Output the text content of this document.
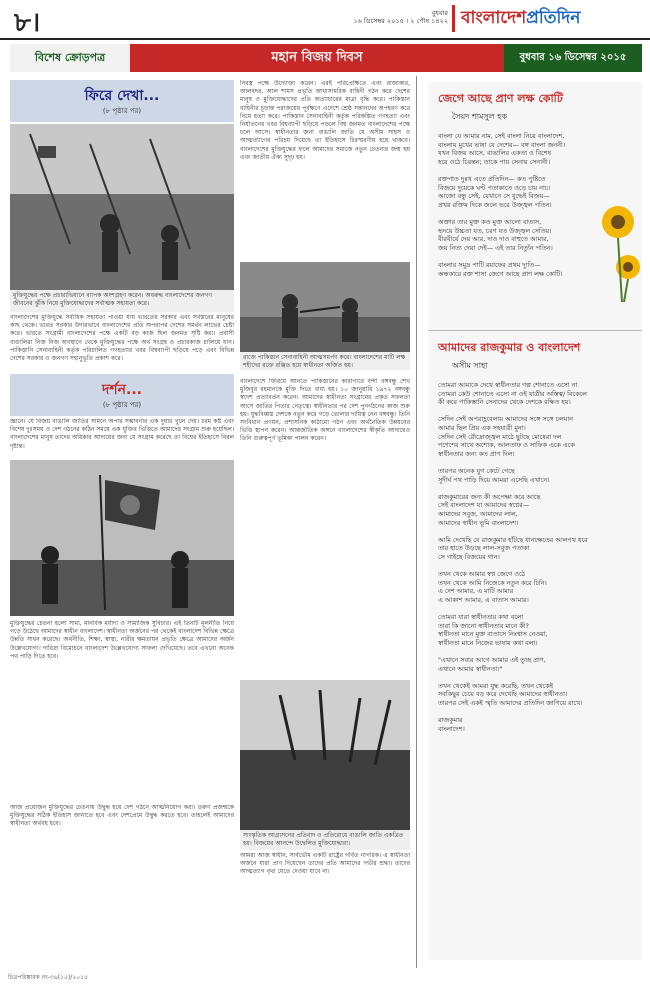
৮।	বুধবার
১৬ ডিসেম্বর ২০১৫ । ২ পৌষ ১৪২২ বাংলাদেশপ্রতিদিন
বিশেষ ক্রোড়পত্র	মহান বিজয় দিবস	বুধবার ১৬ ডিসেম্বর ২০১৫
ফিরে দেখা...
(৮ পৃষ্ঠার পর)
মুক্তিযুদ্ধের পক্ষে প্রচারাভিযানে ব্যাপক অংশগ্রহণ করেন। অবরুদ্ধ বাংলাদেশের জনগণ জীবনের ঝুঁকি নিয়ে মুক্তিযোদ্ধাদের সর্বাত্মক সহায়তা করে।
বাংলাদেশের মুক্তিযুদ্ধে সর্বাধিক সহায়তা পাওয়া যায় ভারতের সরকার এবং সর্বস্তরের মানুষের কাছ থেকে। ভারত সরকার উদারভাবে বাংলাদেশের প্রতি অপরাপর দেশের সমর্থন লাভের চেষ্টা করে। ভারতে সংগ্রামী বাংলাদেশের পক্ষে একটি বড় কাজ ছিল জনমত সৃষ্টি করা। প্রবাসী বাঙালিরা নিজ নিজ অবস্থানে থেকে মুক্তিযুদ্ধের পক্ষে অর্থ সংগ্রহ ও প্রচারকাজ চালিয়ে যান। পাকিস্তানি সেনাবাহিনী কর্তৃক পরিচালিত গণহত্যার খবর বিশ্বব্যাপী ছড়িয়ে পড়ে এবং বিভিন্ন দেশের সরকার ও জনগণ সহানুভূতি প্রকাশ করে।
নিরস্ত্র পক্ষে উদ্যোক্তা করেন। এরই পরিপ্রেক্ষিতে এবং রাজাকার, আলবদর, আল শামস প্রভৃতি আধাসামরিক বাহিনী গঠন করে দেশের মানুষ ও মুক্তিযোদ্ধাদের প্রতি অত্যাচারের মাত্রা বৃদ্ধি করে। পাকিস্তান বাহিনীর চূড়ান্ত পরাজয়ের পূর্বক্ষণে এদেশে শ্রেষ্ঠ সন্তানদের অপহরণ করে নিয়ে হত্যা করে। পাকিস্তান সেনাবাহিনী কর্তৃক পরিকল্পিত গণহত্যা এবং নির্যাতনের খবর বিশ্বব্যাপী ছড়িয়ে পড়লে বিশ্ব জনমত বাংলাদেশের পক্ষে চলে আসে। স্বাধীনতার জন্য বাঙালি জাতি যে অসীম সাহস ও আত্মত্যাগের পরিচয় দিয়েছে তা ইতিহাসে চিরস্মরণীয় হয়ে থাকবে। বাংলাদেশের মুক্তিযুদ্ধের ফলে আমাদের সমাজে নতুন চেতনার জন্ম হয় এবং জাতীয় ঐক্য সুদৃঢ় হয়।
রাজে পাকিস্তান সেনাবাহিনী আত্মসমর্পণ করে। বাংলাদেশের মাটি লক্ষ শহীদের রক্তে রঞ্জিত হয়ে স্বাধীনতা অর্জিত হয়।
দর্শন...
(৮ পৃষ্ঠার পর)
জ্ঞানে। যে বিজয় বাঙালি জাতির সামনে অপার সম্ভাবনার এক দুয়ার খুলে দেয়। চরম কষ্ট এবং বিশেষ দুঃসময় ও দেশ গঠনের কঠিন সময়ে এক যুক্তির ভিত্তিতে আমাদের সংগ্রাম শুরু হয়েছিল। বাংলাদেশের মানুষ তাদের অধিকার আদায়ের জন্য যে সংগ্রাম করেছে তা বিশ্বের ইতিহাসে বিরল দৃষ্টান্ত।
মুক্তিযুদ্ধের চেতনা হলো সাম্য, মানবিক মর্যাদা ও সামাজিক সুবিচার। এই তিনটি মূলনীতি নিয়ে গড়ে উঠেছে আমাদের স্বাধীন বাংলাদেশ। স্বাধীনতা অর্জনের পর থেকেই বাংলাদেশ বিভিন্ন ক্ষেত্রে উন্নতি সাধন করেছে। অর্থনীতি, শিক্ষা, স্বাস্থ্য, নারীর ক্ষমতায়ন প্রভৃতি ক্ষেত্রে আমাদের অর্জন উল্লেখযোগ্য। দারিদ্র্য বিমোচনে বাংলাদেশ উল্লেখযোগ্য সাফল্য দেখিয়েছে। তবে এখনো অনেক পথ পাড়ি দিতে হবে।
আজ প্রয়োজন মুক্তিযুদ্ধের চেতনায় উদ্বুদ্ধ হয়ে দেশ গঠনে আত্মনিয়োগ করা। তরুণ প্রজন্মকে মুক্তিযুদ্ধের সঠিক ইতিহাস জানাতে হবে এবং দেশপ্রেমে উদ্বুদ্ধ করতে হবে। তাহলেই আমাদের স্বাধীনতা অর্থবহ হবে।
বাংলাদেশে ফিরিয়ে আনতে পাকিস্তানের কারাগারে বন্দী বঙ্গবন্ধু শেখ মুজিবুর রহমানকে মুক্তি দিতে বাধ্য হয়। ১০ জানুয়ারি ১৯৭২ বঙ্গবন্ধু স্বদেশ প্রত্যাবর্তন করেন। আমাদের স্বাধীনতা সংগ্রামের প্রকৃত সফলতা আসে জাতির পিতার নেতৃত্বে। স্বাধীনতার পর দেশ পুনর্গঠনের কাজ শুরু হয়। যুদ্ধবিধ্বস্ত দেশকে নতুন করে গড়ে তোলার দায়িত্ব নেন বঙ্গবন্ধু। তিনি সংবিধান প্রণয়ন, প্রশাসনিক কাঠামো গঠন এবং অর্থনৈতিক উন্নয়নের ভিত্তি স্থাপন করেন। আন্তর্জাতিক অঙ্গনে বাংলাদেশের স্বীকৃতি আদায়েও তিনি গুরুত্বপূর্ণ ভূমিকা পালন করেন।
সাংস্কৃতিক আগ্রাসনের প্রতিবাদ ও প্রতিরোধে বাঙালি জাতি একত্রিত হয়। বিজয়ের আনন্দে উদ্বেলিত মুক্তিযোদ্ধারা।
আমরা আজ স্বাধীন, সার্বভৌম একটি রাষ্ট্রের গর্বিত নাগরিক। এ স্বাধীনতা অর্জনে যারা প্রাণ দিয়েছেন তাদের প্রতি আমাদের গভীর শ্রদ্ধা। তাদের আত্মত্যাগ বৃথা যেতে দেওয়া যাবে না।
জেগে আছে প্রাণ লক্ষ কোটি
সৈয়দ শামসুল হক
বাংলা যে আমার নাম, সেই বাংলা নিয়ে বাংলাদেশ,
বাংলায় মুখের ভাষা যে দেশের— বঙ্গ বাংলা জননী।
যখন বিজয় আসে, বাঙালির একতা ও বিশেষ
হয়ে ওঠে চিরন্তন; তাকে পায় সেনায় সেনানী।

রক্তপাত দুঃখ এতে প্রতিদিন— কত পুষ্টিতে
বিজয়ে দুয়েকে ঘণ্ট পতাকাতে ওড়ে চায় নাচ।
আজো বন্ধু সেই, যেখানে সে যুদ্ধেই বিজয়—
প্রখর রক্তিম দিকে জলে ভরে উজ্জ্বল পতিন।

অক্তার তার মুক্ত কত মুক্ত আলো বাতাস,
হৃদয়ে উচ্চতা যত, চরণ যত উজ্জ্বল সেতিয়।
বীরবীর্যে দেয় আর, দাও দাও বাহুতে আমার,
জয় নিত্য দেয়া দেই— এই তার নিত্যুঁন পতিন।

বাংলার সমুদ্র পাটি রয়াফের প্রথম দ্যুতি—
অন্ধকারে রক্ত শাসা জেগে আছে প্রাণ লক্ষ কোটি।
আমাদের রাজকুমার ও বাংলাদেশ
অসীম সাহা
তোমরা আমাকে দেখে স্বাধীনতার গল্প শোনাতে এসো না
তোমরা কেউ শোনাতে এসো না ওই যাত্রীর অস্তিত্ব/ বিকেলে
কী করে পাকিস্তানি সেনাদের থেকে দেশকে রক্ষিত হয়।

সেদিন সেই অপরাহ্ণবেলায় আমাদের সঙ্গে সঙ্গে চলমান
আমার ছিল প্রিয় এক সহযাত্রী মুনা।
সেদিন সেই রৌদ্রোজ্জ্বল মাঠে ছুটছে মোষেরা দল
গণেশের সাথে অশোক, আলতাফ ও সাফিক একে একে
স্বাধীনতার জন্য কত প্রাণ দিল।

তারপর অনেক যুগ কেটে গেছে
সুদীর্ঘ পথ পাড়ি দিয়ে আমরা এসেছি এখানে।

রাজকুমারের জন্য কী অপেক্ষা করে আছে
সেই বাংলাদেশ যা আমাদের স্বপ্নের—
আমাদের সবুজ, আমাদের লাল,
আমাদের স্বাধীন ভূমি বাংলাদেশ।

আমি দেখেছি যে রাজকুমার হাঁটছে ধানক্ষেতের আলপথ ধরে
তার হাতে উড়ছে লাল-সবুজ পতাকা
সে গাইছে বিজয়ের গান।

তখন থেকে আমার স্বপ্ন জেগে ওঠে
তখন থেকে আমি নিজেকে নতুন করে চিনি।
এ দেশ আমার, এ মাটি আমার
এ আকাশ আমার, এ বাতাস আমার।

তোমরা যারা স্বাধীনতার কথা বলো
তারা কি জানো স্বাধীনতার মানে কী?
স্বাধীনতা মানে মুক্ত বাতাসে নিঃশ্বাস নেওয়া,
স্বাধীনতা মানে নিজের ভাষায় কথা বলা।

"এখানে সবার আগে আমার এই তুচ্ছ প্রাণ,
এখানে আমার স্বাধীনতা।"

তখন থেকেই আমরা যুদ্ধ করেছি, তখন থেকেই
সবকিছুর চেয়ে বড় করে দেখেছি আমাদের স্বাধীনতা।
তারপর সেই একই স্মৃতি আমাদের প্রতিদিন জাগিয়ে রাখে।

রাজকুমার
বাংলাদেশ।
চিত্রপরিষ্কারক নং-৩৬(১৫)/২০১৫
